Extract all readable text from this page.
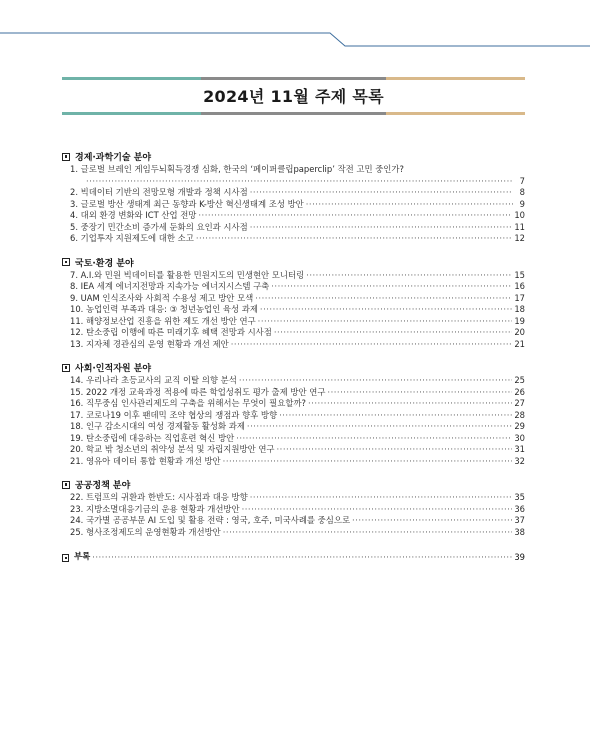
2024년 11월 주제 목록
경제·과학기술 분야
1. 글로벌 브레인 게임두뇌획득경쟁 심화, 한국의 ‘페이퍼클립paperclip’ 작전 고민 중인가?
·····
7
2. 빅데이터 기반의 전망모형 개발과 정책 시사점 ·····	8
3. 글로벌 방산 생태계 최근 동향과 K-방산 혁신생태계 조성 방안 ·····	9
4. 대외 환경 변화와 ICT 산업 전망 ·····	10
5. 중장기 민간소비 증가세 둔화의 요인과 시사점 ·····	11
6. 기업투자 지원제도에 대한 소고 ·····	12
국토·환경 분야
7. A.I.와 민원 빅데이터를 활용한 민원지도의 민생현안 모니터링 ·····	15
8. IEA 세계 에너지전망과 지속가능 에너지시스템 구축 ·····	16
9. UAM 인식조사와 사회적 수용성 제고 방안 모색 ·····	17
10. 농업인력 부족과 대응: ③ 청년농업인 육성 과제 ·····	18
11. 해양정보산업 진흥을 위한 제도 개선 방안 연구 ·····	19
12. 탄소중립 이행에 따른 미래기후 혜택 전망과 시사점 ·····	20
13. 지자체 경관심의 운영 현황과 개선 제안 ·····	21
사회·인적자원 분야
14. 우리나라 초등교사의 교직 이탈 의향 분석 ·····	25
15. 2022 개정 교육과정 적용에 따른 학업성취도 평가 출제 방안 연구 ·····	26
16. 직무중심 인사관리제도의 구축을 위해서는 무엇이 필요할까? ·····	27
17. 코로나19 이후 팬데믹 조약 협상의 쟁점과 향후 방향 ·····	28
18. 인구 감소시대의 여성 경제활동 활성화 과제 ·····	29
19. 탄소중립에 대응하는 직업훈련 혁신 방안 ·····	30
20. 학교 밖 청소년의 취약성 분석 및 자립지원방안 연구 ·····	31
21. 영유아 데이터 통합 현황과 개선 방안 ·····	32
공공정책 분야
22. 트럼프의 귀환과 한반도: 시사점과 대응 방향 ·····	35
23. 지방소멸대응기금의 운용 현황과 개선방안 ·····	36
24. 국가별 공공부문 AI 도입 및 활용 전략 : 영국, 호주, 미국사례를 중심으로 ·····	37
25. 형사조정제도의 운영현황과 개선방안 ·····	38
부록 ·····	39
